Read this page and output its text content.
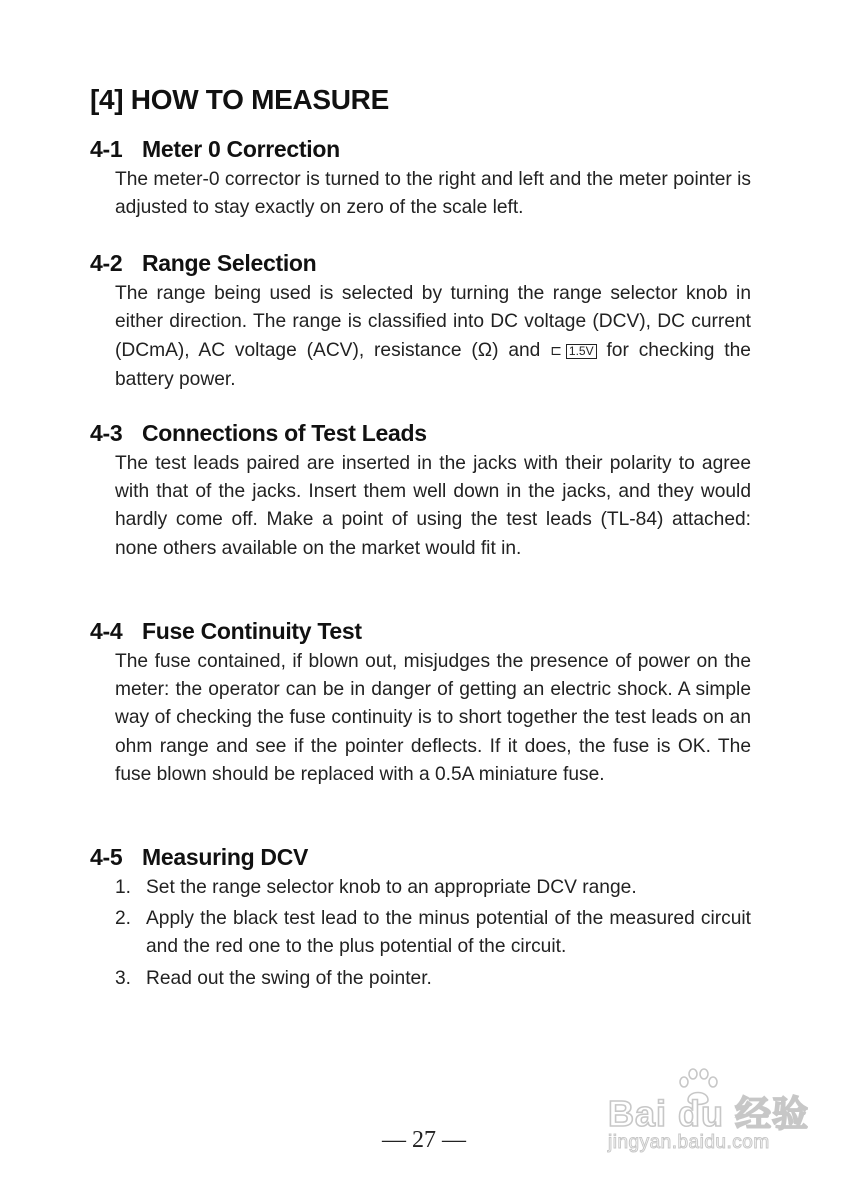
[4] HOW TO MEASURE
4-1 Meter 0 Correction

The meter-0 corrector is turned to the right and left and the meter pointer is adjusted to stay exactly on zero of the scale left.

4-2 Range Selection

The range being used is selected by turning the range selector knob in either direction. The range is classified into DC voltage (DCV), DC current (DCmA), AC voltage (ACV), resistance (Ω) and ⊏ 1.5V for checking the battery power.

4-3 Connections of Test Leads

The test leads paired are inserted in the jacks with their polarity to agree with that of the jacks. Insert them well down in the jacks, and they would hardly come off. Make a point of using the test leads (TL-84) attached: none others available on the market would fit in.

4-4 Fuse Continuity Test

The fuse contained, if blown out, misjudges the presence of power on the meter: the operator can be in danger of getting an electric shock. A simple way of checking the fuse continuity is to short together the test leads on an ohm range and see if the pointer deflects. If it does, the fuse is OK. The fuse blown should be replaced with a 0.5A miniature fuse.

4-5 Measuring DCV
1. Set the range selector knob to an appropriate DCV range.
2. Apply the black test lead to the minus potential of the measured circuit and the red one to the plus potential of the circuit.
3. Read out the swing of the pointer.
— 27 —
Bai du 经验
jingyan.baidu.com
